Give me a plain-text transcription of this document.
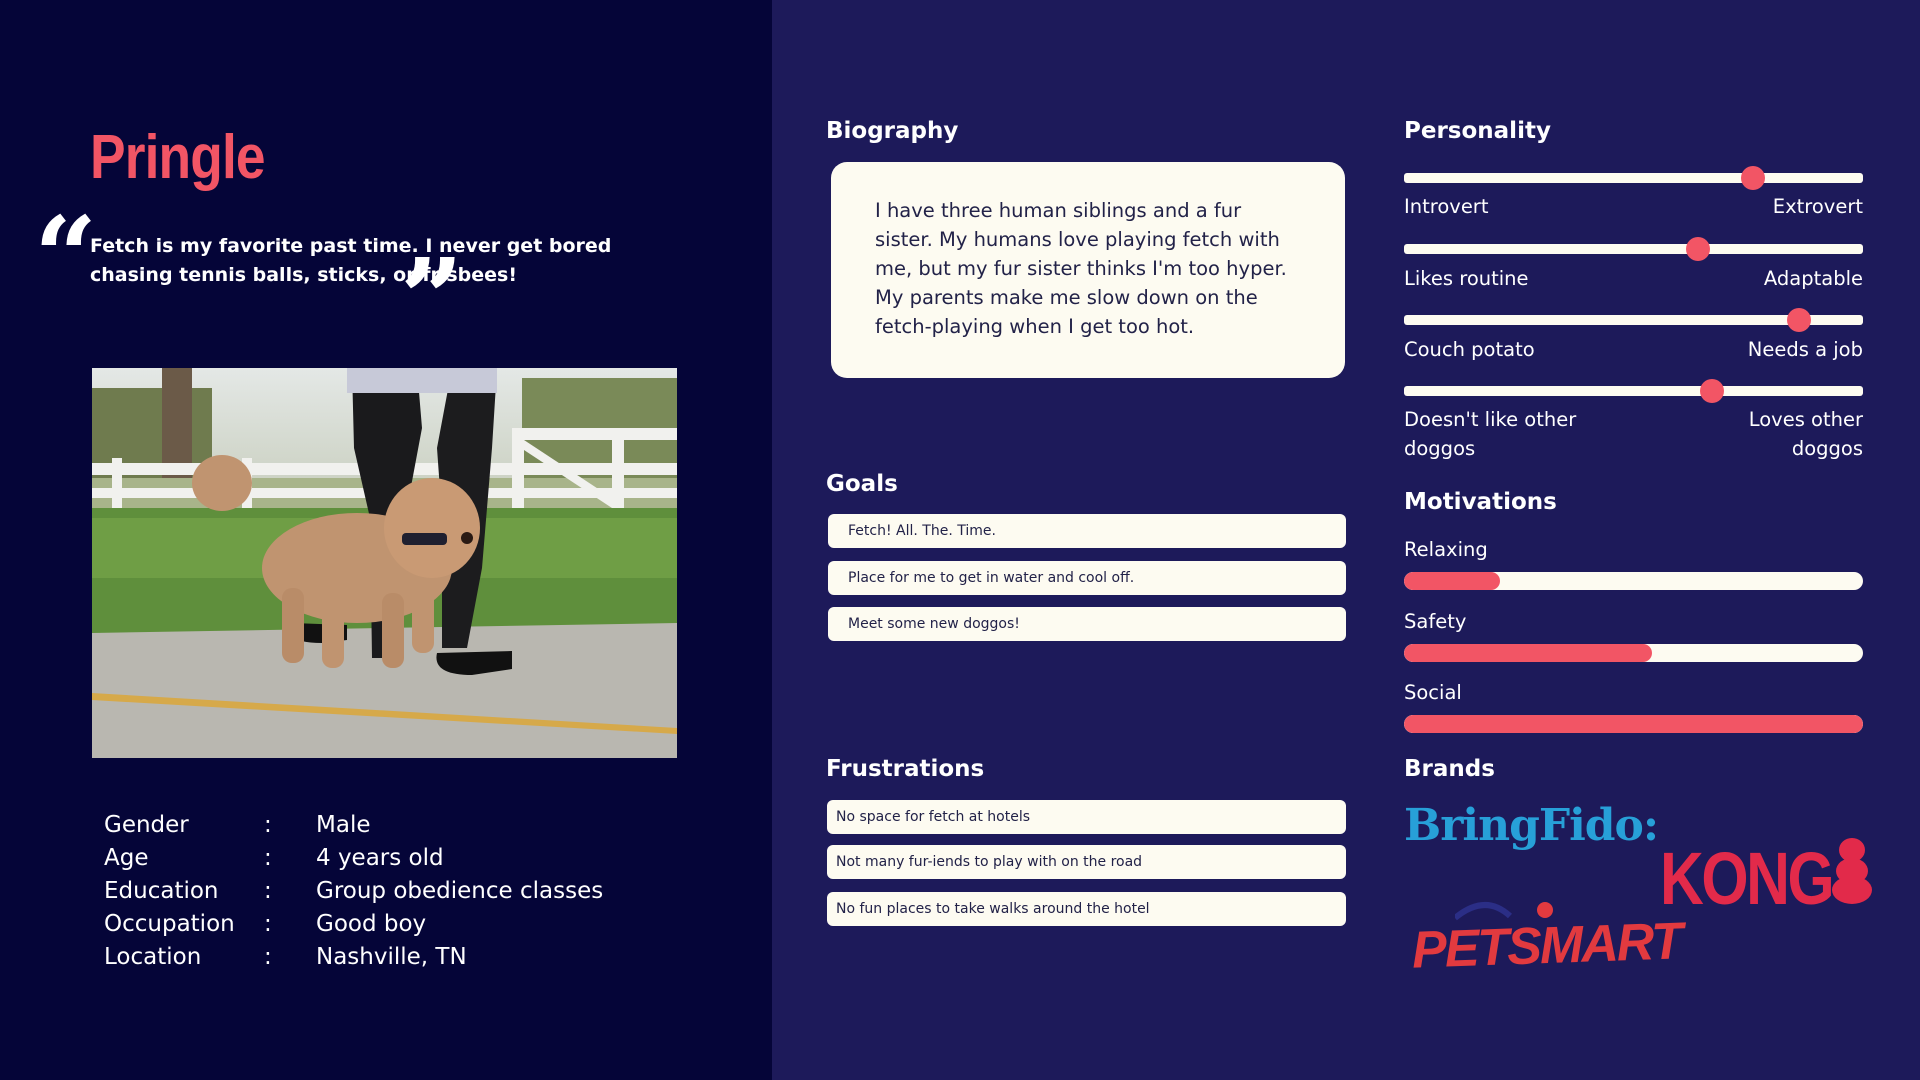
Pringle
“

Fetch is my favorite past time. I never get bored chasing tennis balls, sticks, or frisbees!

”
Gender	:	Male
Age	:	4 years old
Education	:	Group obedience classes
Occupation	:	Good boy
Location	:	Nashville, TN
Biography
I have three human siblings and a fur sister. My humans love playing fetch with me, but my fur sister thinks I'm too hyper. My parents make me slow down on the fetch-playing when I get too hot.
Goals
Fetch! All. The. Time.
Place for me to get in water and cool off.
Meet some new doggos!
Frustrations
No space for fetch at hotels
Not many fur-iends to play with on the road
No fun places to take walks around the hotel
Personality
Introvert	Extrovert
Likes routine	Adaptable
Couch potato	Needs a job
Doesn't like other doggos
Loves other doggos
Motivations
Relaxing
Safety
Social
Brands
BringFido:
KONG
PETSMART
